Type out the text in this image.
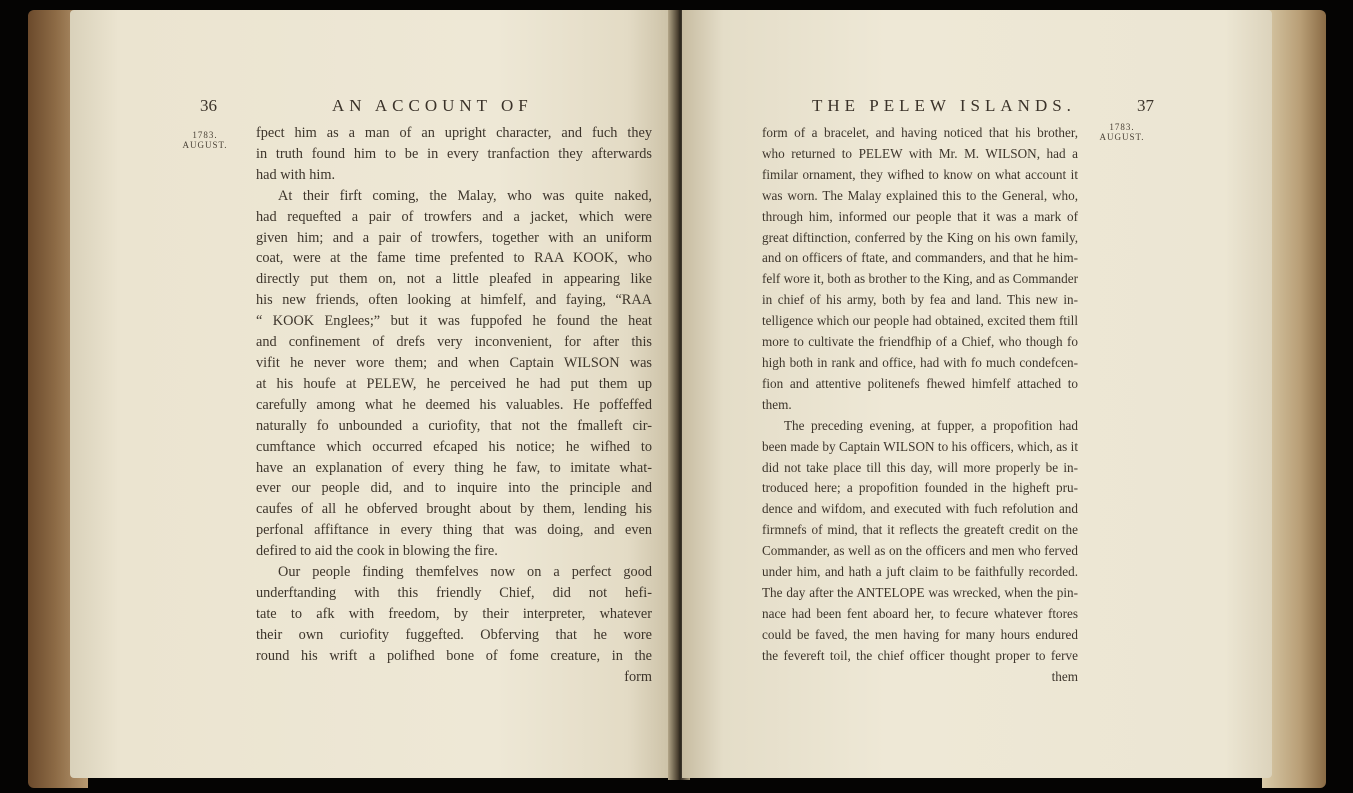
36	AN ACCOUNT OF
1783.
AUGUST.

fpect him as a man of an upright character, and fuch they

in truth found him to be in every tranfaction they afterwards

had with him.

At their firft coming, the Malay, who was quite naked,

had requefted a pair of trowfers and a jacket, which were

given him; and a pair of trowfers, together with an uniform

coat, were at the fame time prefented to RAA KOOK, who

directly put them on, not a little pleafed in appearing like

his new friends, often looking at himfelf, and faying, “RAA

“ KOOK Englees;” but it was fuppofed he found the heat

and confinement of drefs very inconvenient, for after this

vifit he never wore them; and when Captain WILSON was

at his houfe at PELEW, he perceived he had put them up

carefully among what he deemed his valuables. He poffeffed

naturally fo unbounded a curiofity, that not the fmalleft cir-

cumftance which occurred efcaped his notice; he wifhed to

have an explanation of every thing he faw, to imitate what-

ever our people did, and to inquire into the principle and

caufes of all he obferved brought about by them, lending his

perfonal affiftance in every thing that was doing, and even

defired to aid the cook in blowing the fire.

Our people finding themfelves now on a perfect good

underftanding with this friendly Chief, did not hefi-

tate to afk with freedom, by their interpreter, whatever

their own curiofity fuggefted. Obferving that he wore

round his wrift a polifhed bone of fome creature, in the

form

THE PELEW ISLANDS.	37
1783.
AUGUST.

form of a bracelet, and having noticed that his brother,

who returned to PELEW with Mr. M. WILSON, had a

fimilar ornament, they wifhed to know on what account it

was worn. The Malay explained this to the General, who,

through him, informed our people that it was a mark of

great diftinction, conferred by the King on his own family,

and on officers of ftate, and commanders, and that he him-

felf wore it, both as brother to the King, and as Commander

in chief of his army, both by fea and land. This new in-

telligence which our people had obtained, excited them ftill

more to cultivate the friendfhip of a Chief, who though fo

high both in rank and office, had with fo much condefcen-

fion and attentive politenefs fhewed himfelf attached to

them.

The preceding evening, at fupper, a propofition had

been made by Captain WILSON to his officers, which, as it

did not take place till this day, will more properly be in-

troduced here; a propofition founded in the higheft pru-

dence and wifdom, and executed with fuch refolution and

firmnefs of mind, that it reflects the greateft credit on the

Commander, as well as on the officers and men who ferved

under him, and hath a juft claim to be faithfully recorded.

The day after the ANTELOPE was wrecked, when the pin-

nace had been fent aboard her, to fecure whatever ftores

could be faved, the men having for many hours endured

the fevereft toil, the chief officer thought proper to ferve

them
